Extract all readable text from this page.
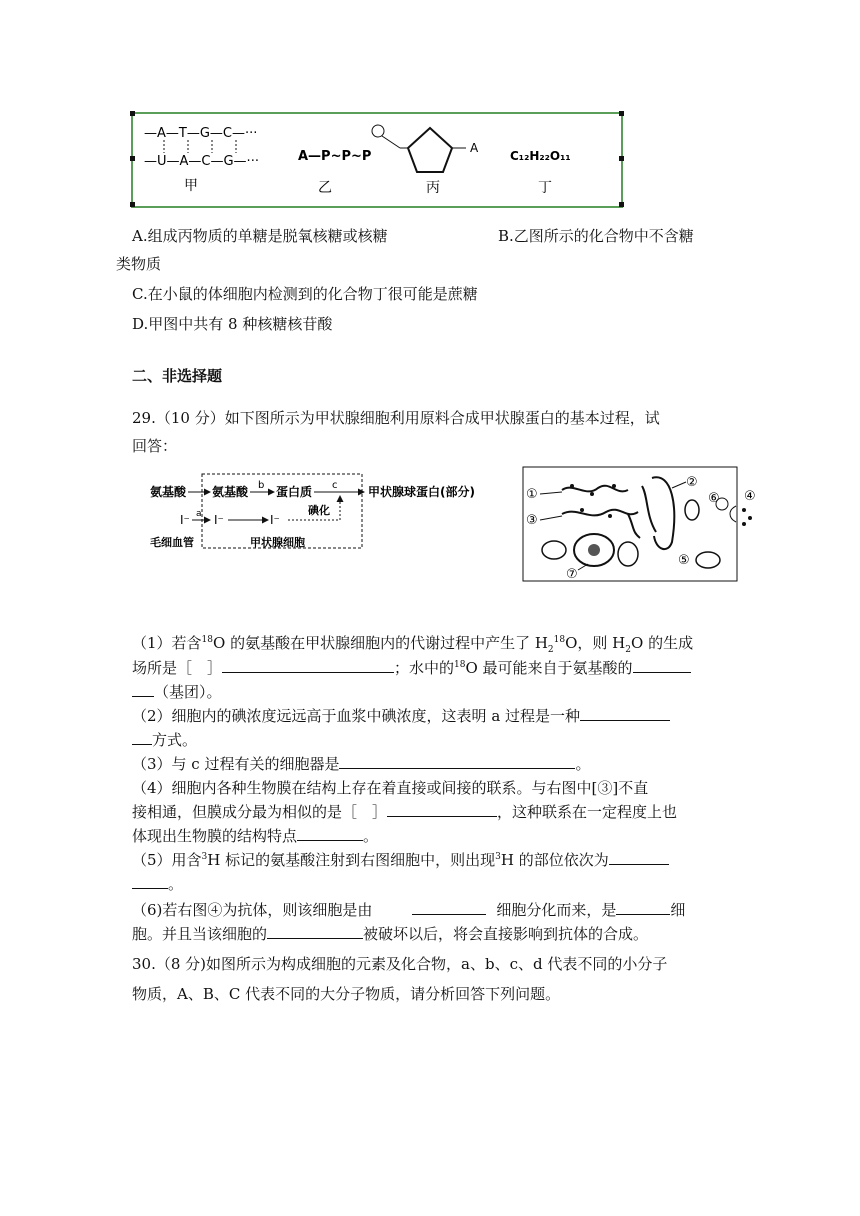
—A—T—G—C—···
—U—A—C—G—···
甲
A—P~P~P
乙
A
丙
C₁₂H₂₂O₁₁
丁
A.组成丙物质的单糖是脱氧核糖或核糖	B.乙图所示的化合物中不含糖
类物质
C.在小鼠的体细胞内检测到的化合物丁很可能是蔗糖
D.甲图中共有 8 种核糖核苷酸
二、非选择题
29.（10 分）如下图所示为甲状腺细胞利用原料合成甲状腺蛋白的基本过程，试
回答：
氨基酸 氨基酸 b 蛋白质 c	甲状腺球蛋白(部分)
I⁻ a I⁻	I⁻
碘化
毛细血管	甲状腺细胞
①
③
②
⑥ ④
⑤
⑦
（1）若含$^{18}$O 的氨基酸在甲状腺细胞内的代谢过程中产生了 $H_2^{18}O$，则 $H_2O$ 的生成
场所是［　］	；水中的$^{18}$O 最可能来自于氨基酸的
（基团）。
（2）细胞内的碘浓度远远高于血浆中碘浓度，这表明 a 过程是一种
方式。
（3）与 c 过程有关的细胞器是	。
（4）细胞内各种生物膜在结构上存在着直接或间接的联系。与右图中[③]不直
接相通，但膜成分最为相似的是［　］	，这种联系在一定程度上也
体现出生物膜的结构特点	。
（5）用含$^3$H 标记的氨基酸注射到右图细胞中，则出现$^3$H 的部位依次为
。
（6)若右图④为抗体，则该细胞是由	细胞分化而来，是	细
胞。并且当该细胞的	被破坏以后，将会直接影响到抗体的合成。
30.（8 分)如图所示为构成细胞的元素及化合物，a、b、c、d 代表不同的小分子
物质，A、B、C 代表不同的大分子物质，请分析回答下列问题。
